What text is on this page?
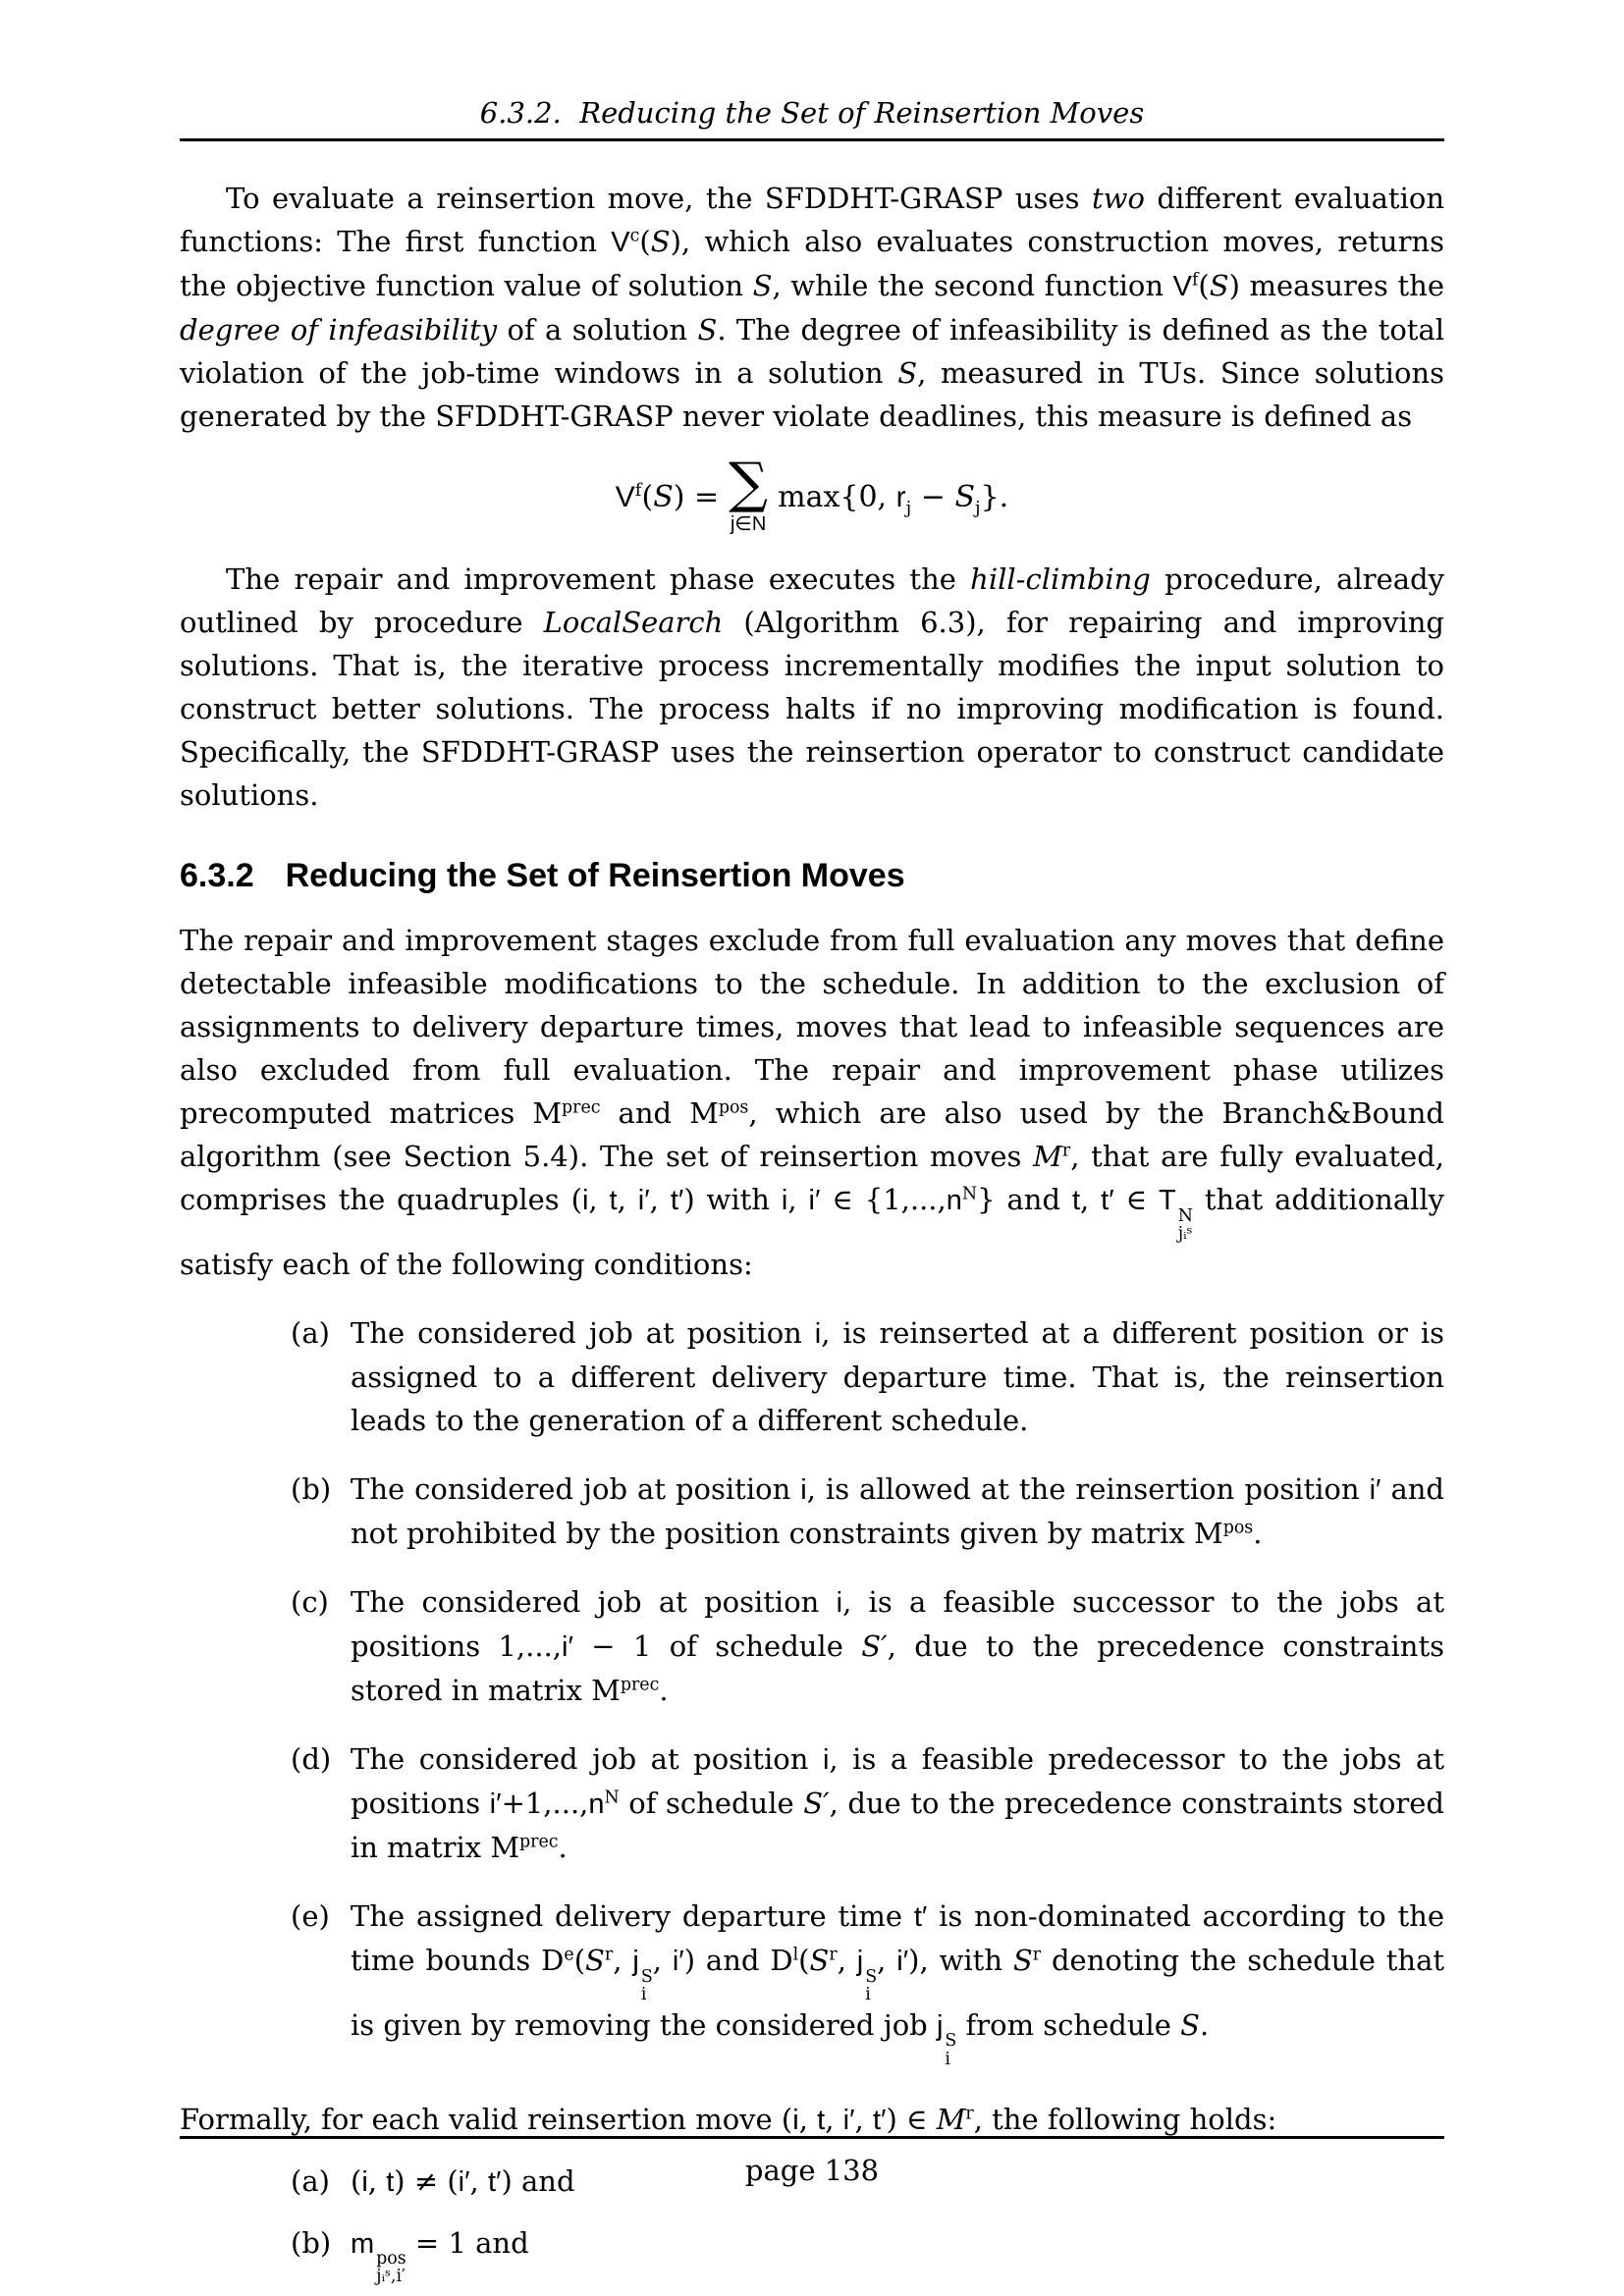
6.3.2.  Reducing the Set of Reinsertion Moves

To evaluate a reinsertion move, the SFDDHT-GRASP uses two different evaluation functions: The first function $V^c(S)$, which also evaluates construction moves, returns the objective function value of solution S, while the second function $V^f(S)$ measures the degree of infeasibility of a solution S. The degree of infeasibility is defined as the total violation of the job-time windows in a solution S, measured in TUs. Since solutions generated by the SFDDHT-GRASP never violate deadlines, this measure is defined as

$V^f(S)$ = ∑
j∈N
max{0, $r_j - S_j$}.

The repair and improvement phase executes the hill-climbing procedure, already outlined by procedure LocalSearch (Algorithm 6.3), for repairing and improving solutions. That is, the iterative process incrementally modifies the input solution to construct better solutions. The process halts if no improving modification is found. Specifically, the SFDDHT-GRASP uses the reinsertion operator to construct candidate solutions.

6.3.2 Reducing the Set of Reinsertion Moves

The repair and improvement stages exclude from full evaluation any moves that define detectable infeasible modifications to the schedule. In addition to the exclusion of assignments to delivery departure times, moves that lead to infeasible sequences are also excluded from full evaluation. The repair and improvement phase utilizes precomputed matrices $M^{prec}$ and $M^{pos}$, which are also used by the Branch&Bound algorithm (see Section 5.4). The set of reinsertion moves $M^r$, that are fully evaluated, comprises the quadruples (i, t, i′, t′) with i, i′ ∈ $\{1,...,n^N\}$ and t, t′ ∈ T N
jᵢˢ
that additionally satisfy each of the following conditions:

(a) The considered job at position i, is reinserted at a different position or is assigned to a different delivery departure time. That is, the reinsertion leads to the generation of a different schedule.
(b) The considered job at position i, is allowed at the reinsertion position i′ and not prohibited by the position constraints given by matrix $M^{pos}$.
(c) The considered job at position i, is a feasible successor to the jobs at positions 1,...,i′ − 1 of schedule S′, due to the precedence constraints stored in matrix $M^{prec}$.
(d) The considered job at position i, is a feasible predecessor to the jobs at positions $i'+1,...,n^N$ of schedule S′, due to the precedence constraints stored in matrix $M^{prec}$.
(e) The assigned delivery departure time t′ is non-dominated according to the time bounds $De(S^r$, j S
i
, i′) and $D^l(S^r$, j S
i
, i′), with $S^r$ denoting the schedule that is given by removing the considered job j S
i
from schedule S.

Formally, for each valid reinsertion move (i, t, i′, t′) ∈ $M^r$, the following holds:

(a) (i, t) ≠ (i′, t′) and
(b) m pos
jᵢˢ,i′
= 1 and
page 138
